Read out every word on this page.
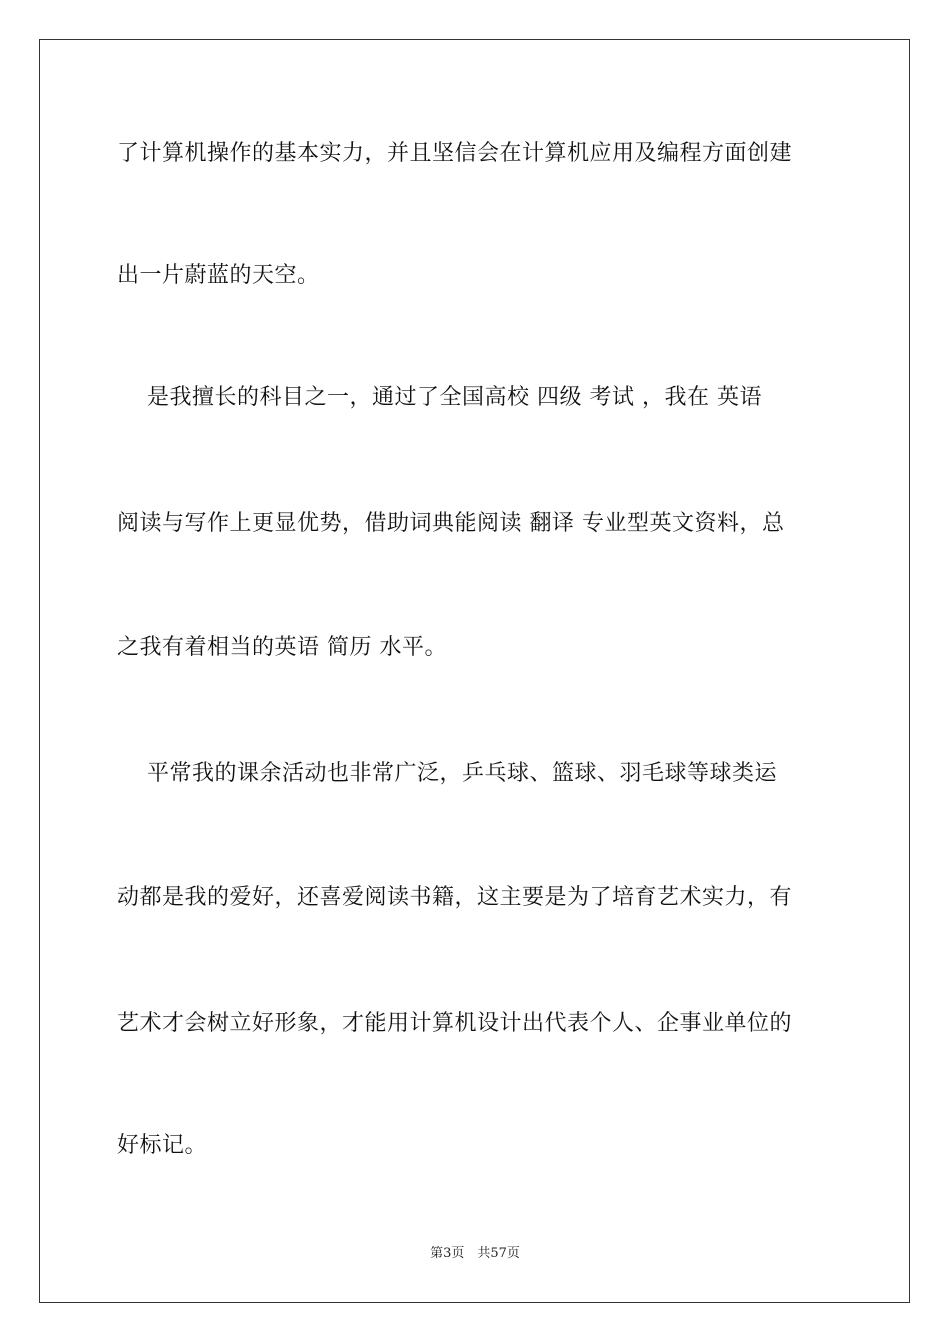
了计算机操作的基本实力，并且坚信会在计算机应用及编程方面创建
出一片蔚蓝的天空。
是我擅长的科目之一，通过了全国高校 四级 考试 ，我在 英语
阅读与写作上更显优势，借助词典能阅读 翻译 专业型英文资料，总
之我有着相当的英语 简历 水平。
平常我的课余活动也非常广泛，乒乓球、篮球、羽毛球等球类运
动都是我的爱好，还喜爱阅读书籍，这主要是为了培育艺术实力，有
艺术才会树立好形象，才能用计算机设计出代表个人、企事业单位的
好标记。
第3页　共57页
